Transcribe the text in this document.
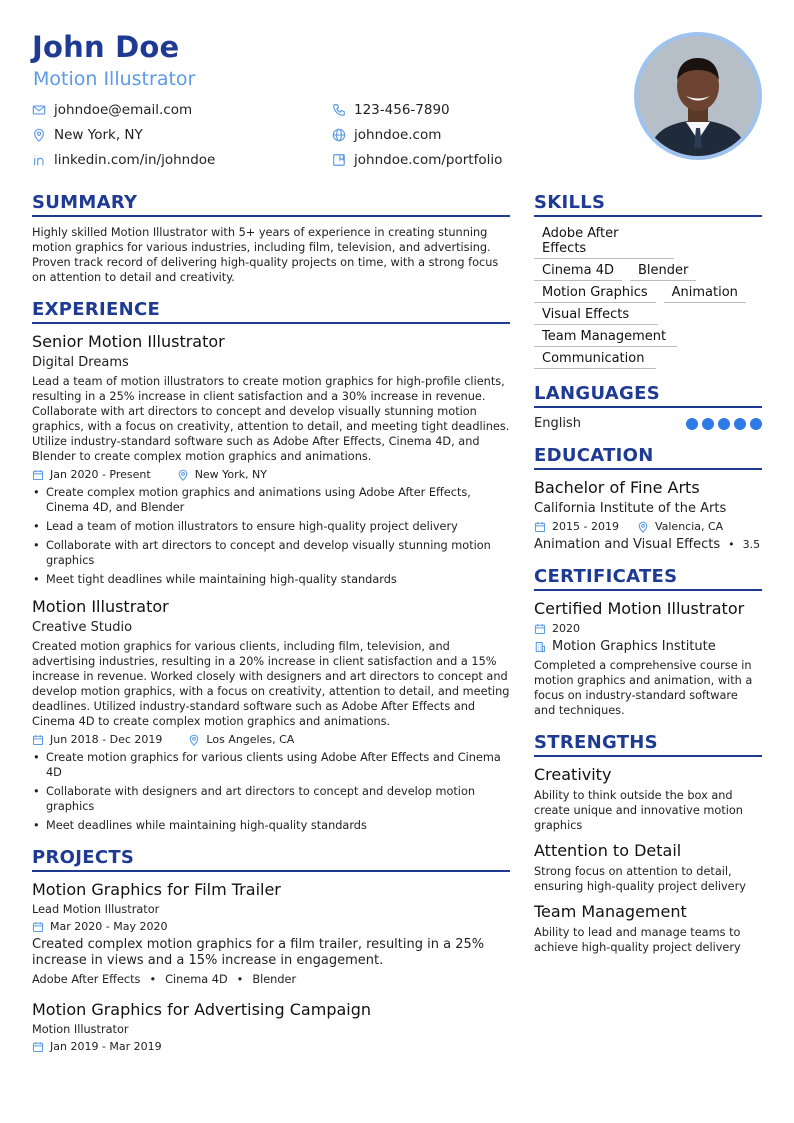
John Doe
Motion Illustrator
johndoe@email.com	123-456-7890
New York, NY	johndoe.com
linkedin.com/in/johndoe	johndoe.com/portfolio
SUMMARY
Highly skilled Motion Illustrator with 5+ years of experience in creating stunning motion graphics for various industries, including film, television, and advertising. Proven track record of delivering high-quality projects on time, with a strong focus on attention to detail and creativity.
EXPERIENCE
Senior Motion Illustrator
Digital Dreams
Lead a team of motion illustrators to create motion graphics for high-profile clients, resulting in a 25% increase in client satisfaction and a 30% increase in revenue. Collaborate with art directors to concept and develop visually stunning motion graphics, with a focus on creativity, attention to detail, and meeting tight deadlines. Utilize industry-standard software such as Adobe After Effects, Cinema 4D, and Blender to create complex motion graphics and animations.
Jan 2020 - Present	New York, NY
• Create complex motion graphics and animations using Adobe After Effects, Cinema 4D, and Blender
• Lead a team of motion illustrators to ensure high-quality project delivery
• Collaborate with art directors to concept and develop visually stunning motion graphics
• Meet tight deadlines while maintaining high-quality standards
Motion Illustrator
Creative Studio
Created motion graphics for various clients, including film, television, and advertising industries, resulting in a 20% increase in client satisfaction and a 15% increase in revenue. Worked closely with designers and art directors to concept and develop motion graphics, with a focus on creativity, attention to detail, and meeting deadlines. Utilized industry-standard software such as Adobe After Effects and Cinema 4D to create complex motion graphics and animations.
Jun 2018 - Dec 2019	Los Angeles, CA
• Create motion graphics for various clients using Adobe After Effects and Cinema 4D
• Collaborate with designers and art directors to concept and develop motion graphics
• Meet deadlines while maintaining high-quality standards
PROJECTS
Motion Graphics for Film Trailer
Lead Motion Illustrator
Mar 2020 - May 2020
Created complex motion graphics for a film trailer, resulting in a 25% increase in views and a 15% increase in engagement.
Adobe After Effects • Cinema 4D • Blender
Motion Graphics for Advertising Campaign
Motion Illustrator
Jan 2019 - Mar 2019
SKILLS
Adobe After Effects
Cinema 4D	Blender
Motion Graphics	Animation
Visual Effects
Team Management
Communication
LANGUAGES
English
EDUCATION
Bachelor of Fine Arts
California Institute of the Arts
2015 - 2019	Valencia, CA
Animation and Visual Effects • 3.5
CERTIFICATES
Certified Motion Illustrator
2020
Motion Graphics Institute
Completed a comprehensive course in motion graphics and animation, with a focus on industry-standard software and techniques.
STRENGTHS
Creativity
Ability to think outside the box and create unique and innovative motion graphics
Attention to Detail
Strong focus on attention to detail, ensuring high-quality project delivery
Team Management
Ability to lead and manage teams to achieve high-quality project delivery
